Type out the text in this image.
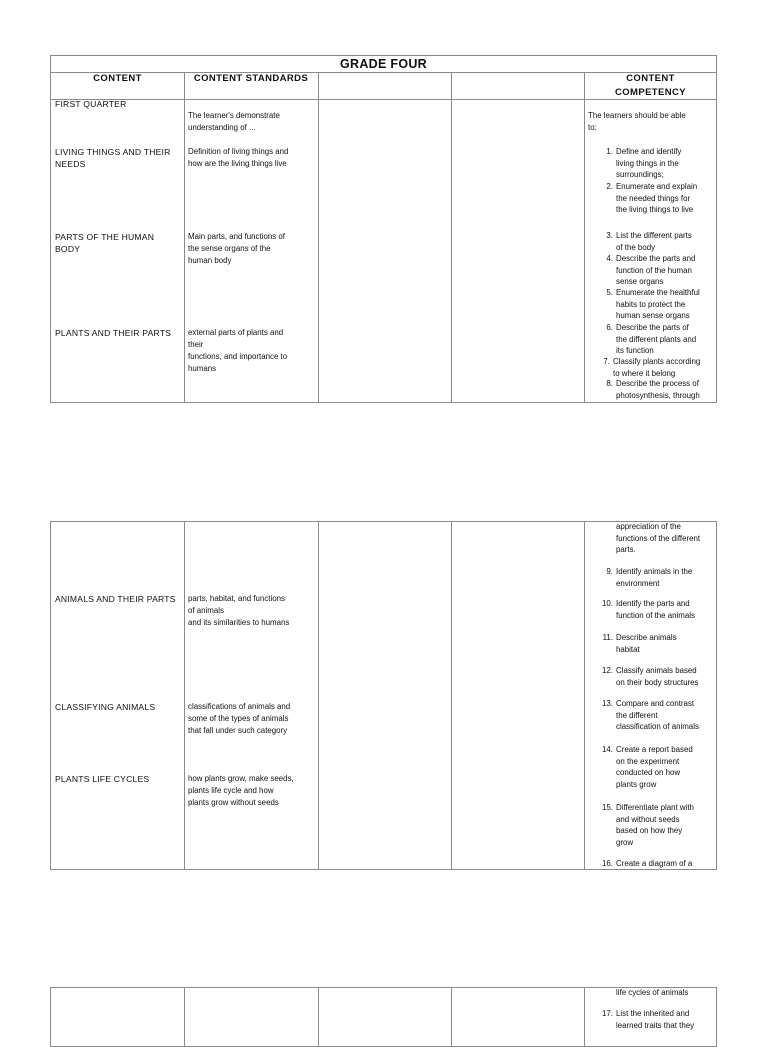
GRADE FOUR
CONTENT	CONTENT STANDARDS	CONTENT
COMPETENCY
FIRST QUARTER
LIVING THINGS AND THEIR
NEEDS
PARTS OF THE HUMAN
BODY
PLANTS AND THEIR PARTS
The learner's demonstrate
understanding of ...
Definition of living things and
how are the living things live
Main parts, and functions of
the sense organs of the
human body
external parts of plants and
their
functions, and importance to
humans
The learners should be able
to:
1. Define and identify
living things in the
surroundings;
2. Enumerate and explain
the needed things for
the living things to live
3. List the different parts
of the body
4. Describe the parts and
function of the human
sense organs
5. Enumerate the healthful
habits to protect the
human sense organs
6. Describe the parts of
the different plants and
its function
7. Classify plants according
to where it belong
8. Describe the process of
photosynthesis, through
appreciation of the
functions of the different
parts.
ANIMALS AND THEIR PARTS
CLASSIFYING ANIMALS
PLANTS LIFE CYCLES
parts, habitat, and functions
of animals
and its similarities to humans
classifications of animals and
some of the types of animals
that fall under such category
how plants grow, make seeds,
plants life cycle and how
plants grow without seeds
9. Identify animals in the
environment
10. Identify the parts and
function of the animals
11. Describe animals
habitat
12. Classify animals based
on their body structures
13. Compare and contrast
the different
classification of animals
14. Create a report based
on the experiment
conducted on how
plants grow
15. Differentiate plant with
and without seeds
based on how they
grow
16. Create a diagram of a
life cycles of animals
17. List the inherited and
learned traits that they
